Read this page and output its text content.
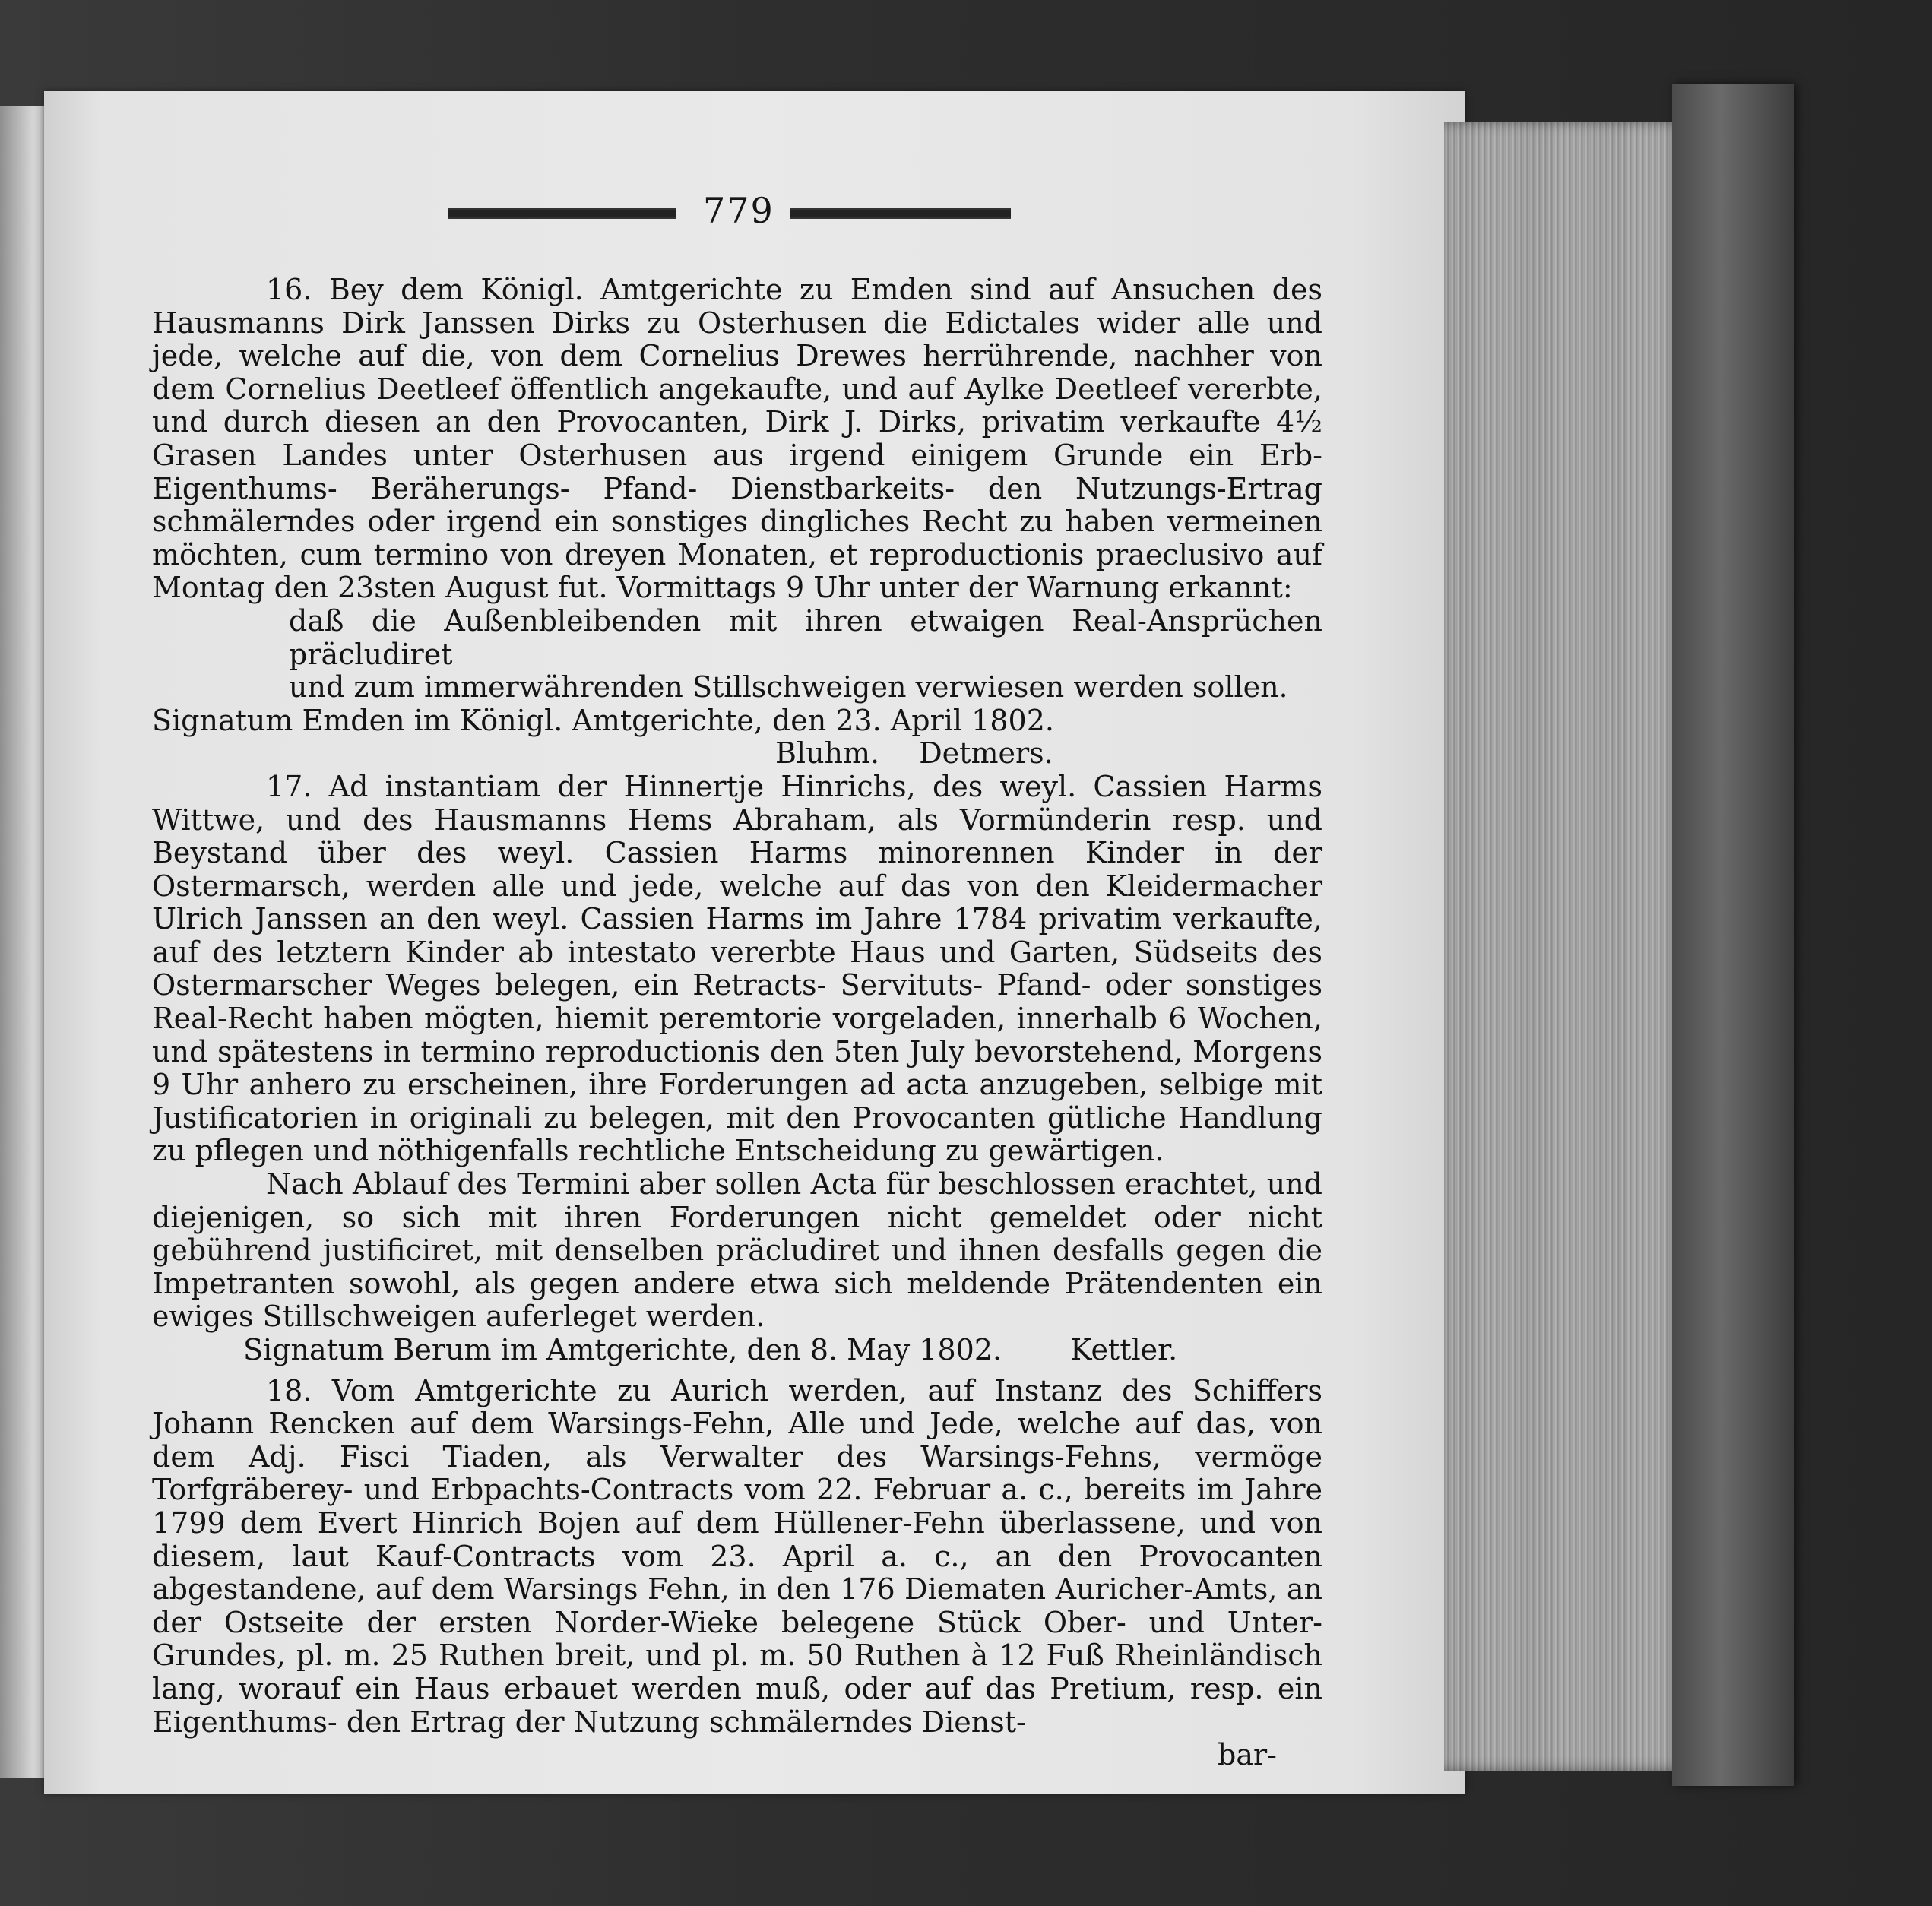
779

16. Bey dem Königl. Amtgerichte zu Emden sind auf Ansuchen des Hausmanns Dirk Janssen Dirks zu Osterhusen die Edictales wider alle und jede, welche auf die, von dem Cornelius Drewes herrührende, nachher von dem Cornelius Deetleef öffentlich angekaufte, und auf Aylke Deetleef vererbte, und durch diesen an den Provocanten, Dirk J. Dirks, privatim verkaufte 4½ Grasen Landes unter Osterhusen aus irgend einigem Grunde ein Erb- Eigenthums- Beräherungs- Pfand- Dienstbarkeits- den Nutzungs-Ertrag schmälerndes oder irgend ein sonstiges dingliches Recht zu haben vermeinen möchten, cum termino von dreyen Monaten, et reproductionis praeclusivo auf Montag den 23sten August fut. Vormittags 9 Uhr unter der Warnung erkannt:

daß die Außenbleibenden mit ihren etwaigen Real-Ansprüchen präcludiret
und zum immerwährenden Stillschweigen verwiesen werden sollen.

Signatum Emden im Königl. Amtgerichte, den 23. April 1802.

Bluhm. Detmers.

17. Ad instantiam der Hinnertje Hinrichs, des weyl. Cassien Harms Wittwe, und des Hausmanns Hems Abraham, als Vormünderin resp. und Beystand über des weyl. Cassien Harms minorennen Kinder in der Ostermarsch, werden alle und jede, welche auf das von den Kleidermacher Ulrich Janssen an den weyl. Cassien Harms im Jahre 1784 privatim verkaufte, auf des letztern Kinder ab intestato vererbte Haus und Garten, Südseits des Ostermarscher Weges belegen, ein Retracts- Servituts- Pfand- oder sonstiges Real-Recht haben mögten, hiemit peremtorie vorgeladen, innerhalb 6 Wochen, und spätestens in termino reproductionis den 5ten July bevorstehend, Morgens 9 Uhr anhero zu erscheinen, ihre Forderungen ad acta anzugeben, selbige mit Justificatorien in originali zu belegen, mit den Provocanten gütliche Handlung zu pflegen und nöthigenfalls rechtliche Entscheidung zu gewärtigen.

Nach Ablauf des Termini aber sollen Acta für beschlossen erachtet, und diejenigen, so sich mit ihren Forderungen nicht gemeldet oder nicht gebührend justificiret, mit denselben präcludiret und ihnen desfalls gegen die Impetranten sowohl, als gegen andere etwa sich meldende Prätendenten ein ewiges Stillschweigen auferleget werden.

Signatum Berum im Amtgerichte, den 8. May 1802. Kettler.

18. Vom Amtgerichte zu Aurich werden, auf Instanz des Schiffers Johann Rencken auf dem Warsings-Fehn, Alle und Jede, welche auf das, von dem Adj. Fisci Tiaden, als Verwalter des Warsings-Fehns, vermöge Torfgräberey- und Erbpachts-Contracts vom 22. Februar a. c., bereits im Jahre 1799 dem Evert Hinrich Bojen auf dem Hüllener-Fehn überlassene, und von diesem, laut Kauf-Contracts vom 23. April a. c., an den Provocanten abgestandene, auf dem Warsings Fehn, in den 176 Diematen Auricher-Amts, an der Ostseite der ersten Norder-Wieke belegene Stück Ober- und Unter-Grundes, pl. m. 25 Ruthen breit, und pl. m. 50 Ruthen à 12 Fuß Rheinländisch lang, worauf ein Haus erbauet werden muß, oder auf das Pretium, resp. ein Eigenthums- den Ertrag der Nutzung schmälerndes Dienst-

bar-
